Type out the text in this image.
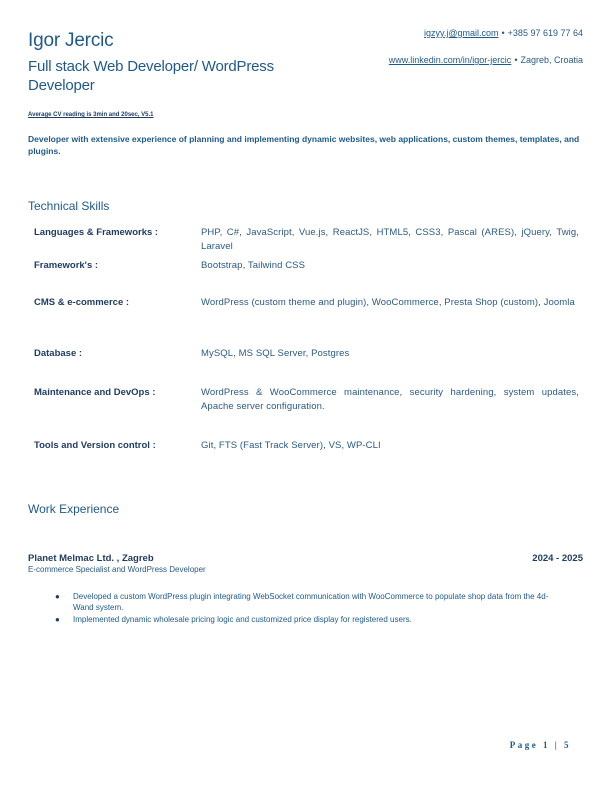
Igor Jercic
Full stack Web Developer/ WordPress Developer
igzyy.j@gmail.com • +385 97 619 77 64
www.linkedin.com/in/igor-jercic • Zagreb, Croatia
Average CV reading is 3min and 20sec, V5.1
Developer with extensive experience of planning and implementing dynamic websites, web applications, custom themes, templates, and plugins.
Technical Skills
Languages & Frameworks :	PHP, C#, JavaScript, Vue.js, ReactJS, HTML5, CSS3, Pascal (ARES), jQuery, Twig, Laravel
Framework's :	Bootstrap, Tailwind CSS
CMS & e-commerce :	WordPress (custom theme and plugin), WooCommerce, Presta Shop (custom), Joomla
Database :	MySQL, MS SQL Server, Postgres
Maintenance and DevOps :	WordPress & WooCommerce maintenance, security hardening, system updates, Apache server configuration.
Tools and Version control :	Git, FTS (Fast Track Server), VS, WP-CLI
Work Experience
Planet Melmac Ltd. , Zagreb	2024 - 2025
E-commerce Specialist and WordPress Developer
● Developed a custom WordPress plugin integrating WebSocket communication with WooCommerce to populate shop data from the 4d-Wand system.
● Implemented dynamic wholesale pricing logic and customized price display for registered users.
Page 1 | 5
